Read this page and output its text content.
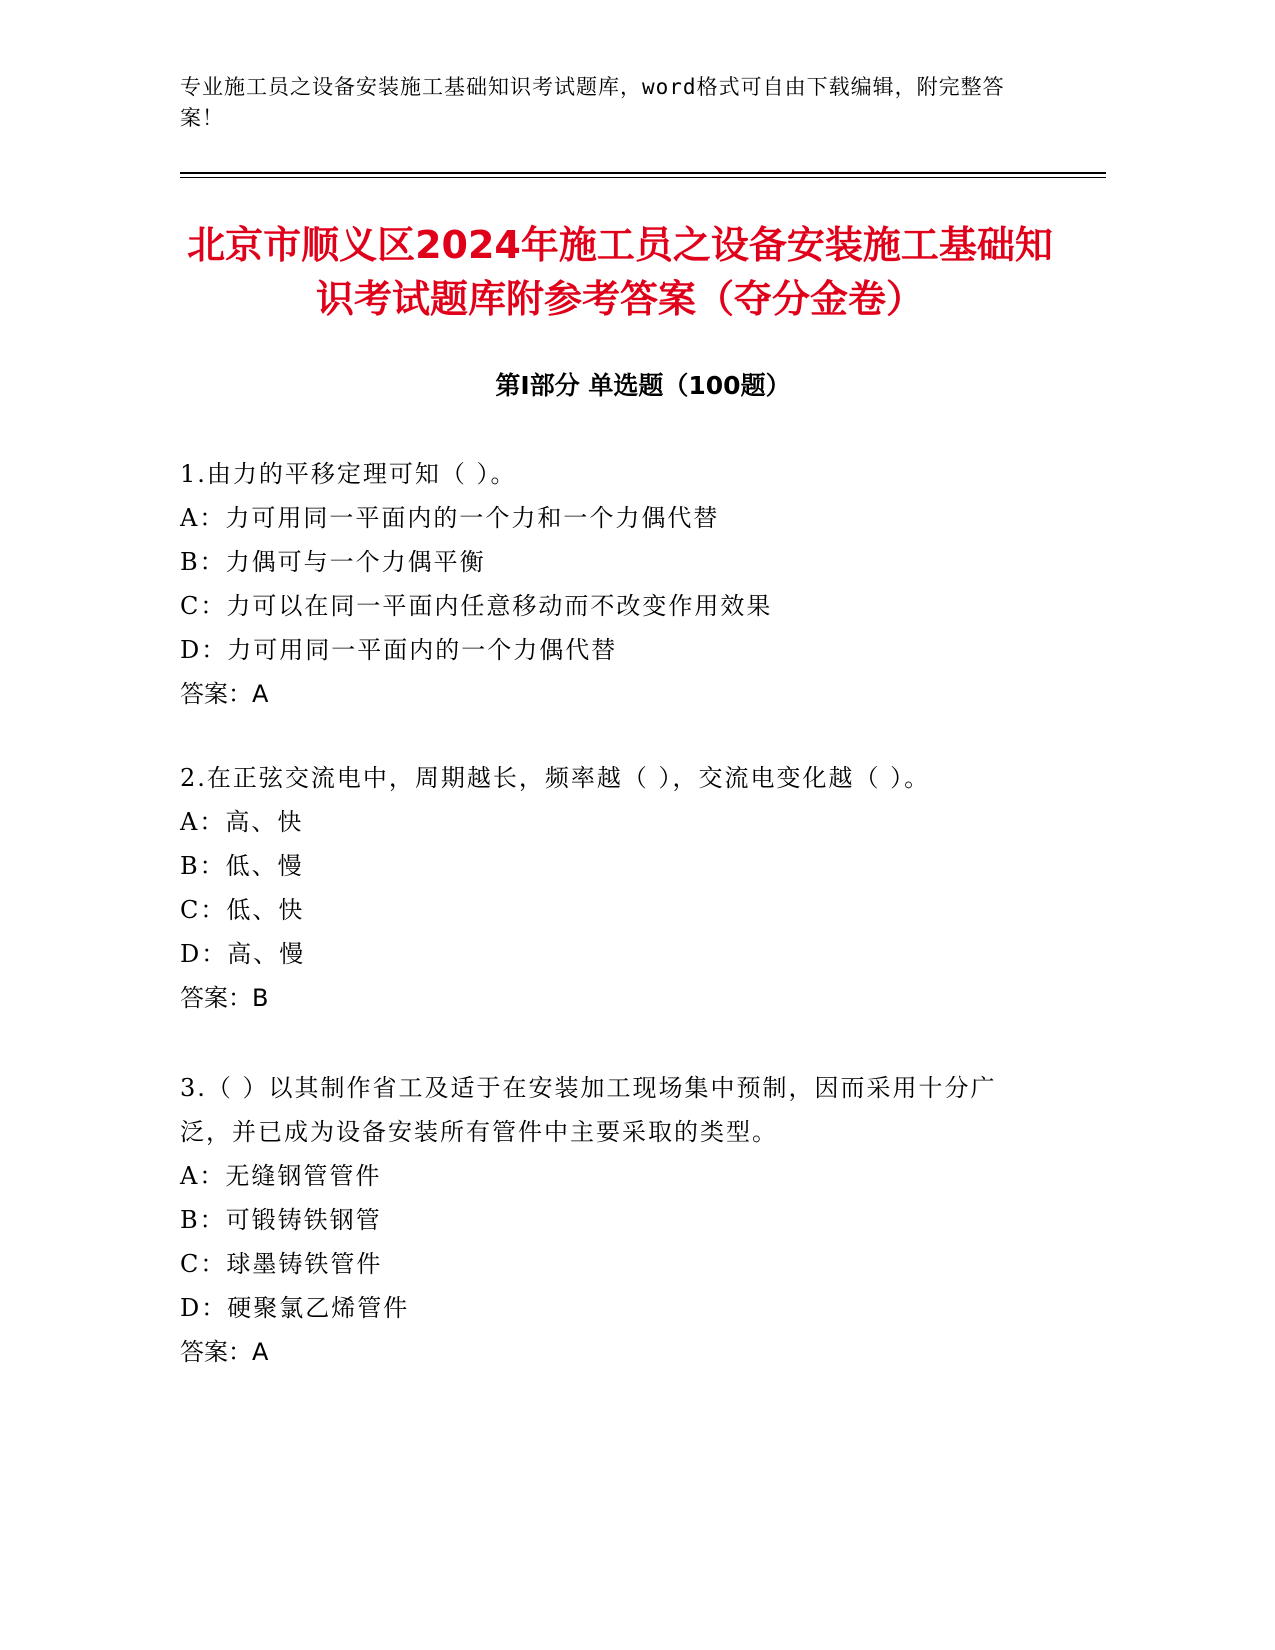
专业施工员之设备安装施工基础知识考试题库，word格式可自由下载编辑，附完整答案！
北京市顺义区2024年施工员之设备安装施工基础知识考试题库附参考答案（夺分金卷）
第I部分 单选题（100题）

1.由力的平移定理可知（ ）。

A：力可用同一平面内的一个力和一个力偶代替

B：力偶可与一个力偶平衡

C：力可以在同一平面内任意移动而不改变作用效果

D：力可用同一平面内的一个力偶代替

答案：A

2.在正弦交流电中，周期越长，频率越（ ），交流电变化越（ ）。

A：高、快

B：低、慢

C：低、快

D：高、慢

答案：B

3.（ ）以其制作省工及适于在安装加工现场集中预制，因而采用十分广泛，并已成为设备安装所有管件中主要采取的类型。

A：无缝钢管管件

B：可锻铸铁钢管

C：球墨铸铁管件

D：硬聚氯乙烯管件

答案：A
